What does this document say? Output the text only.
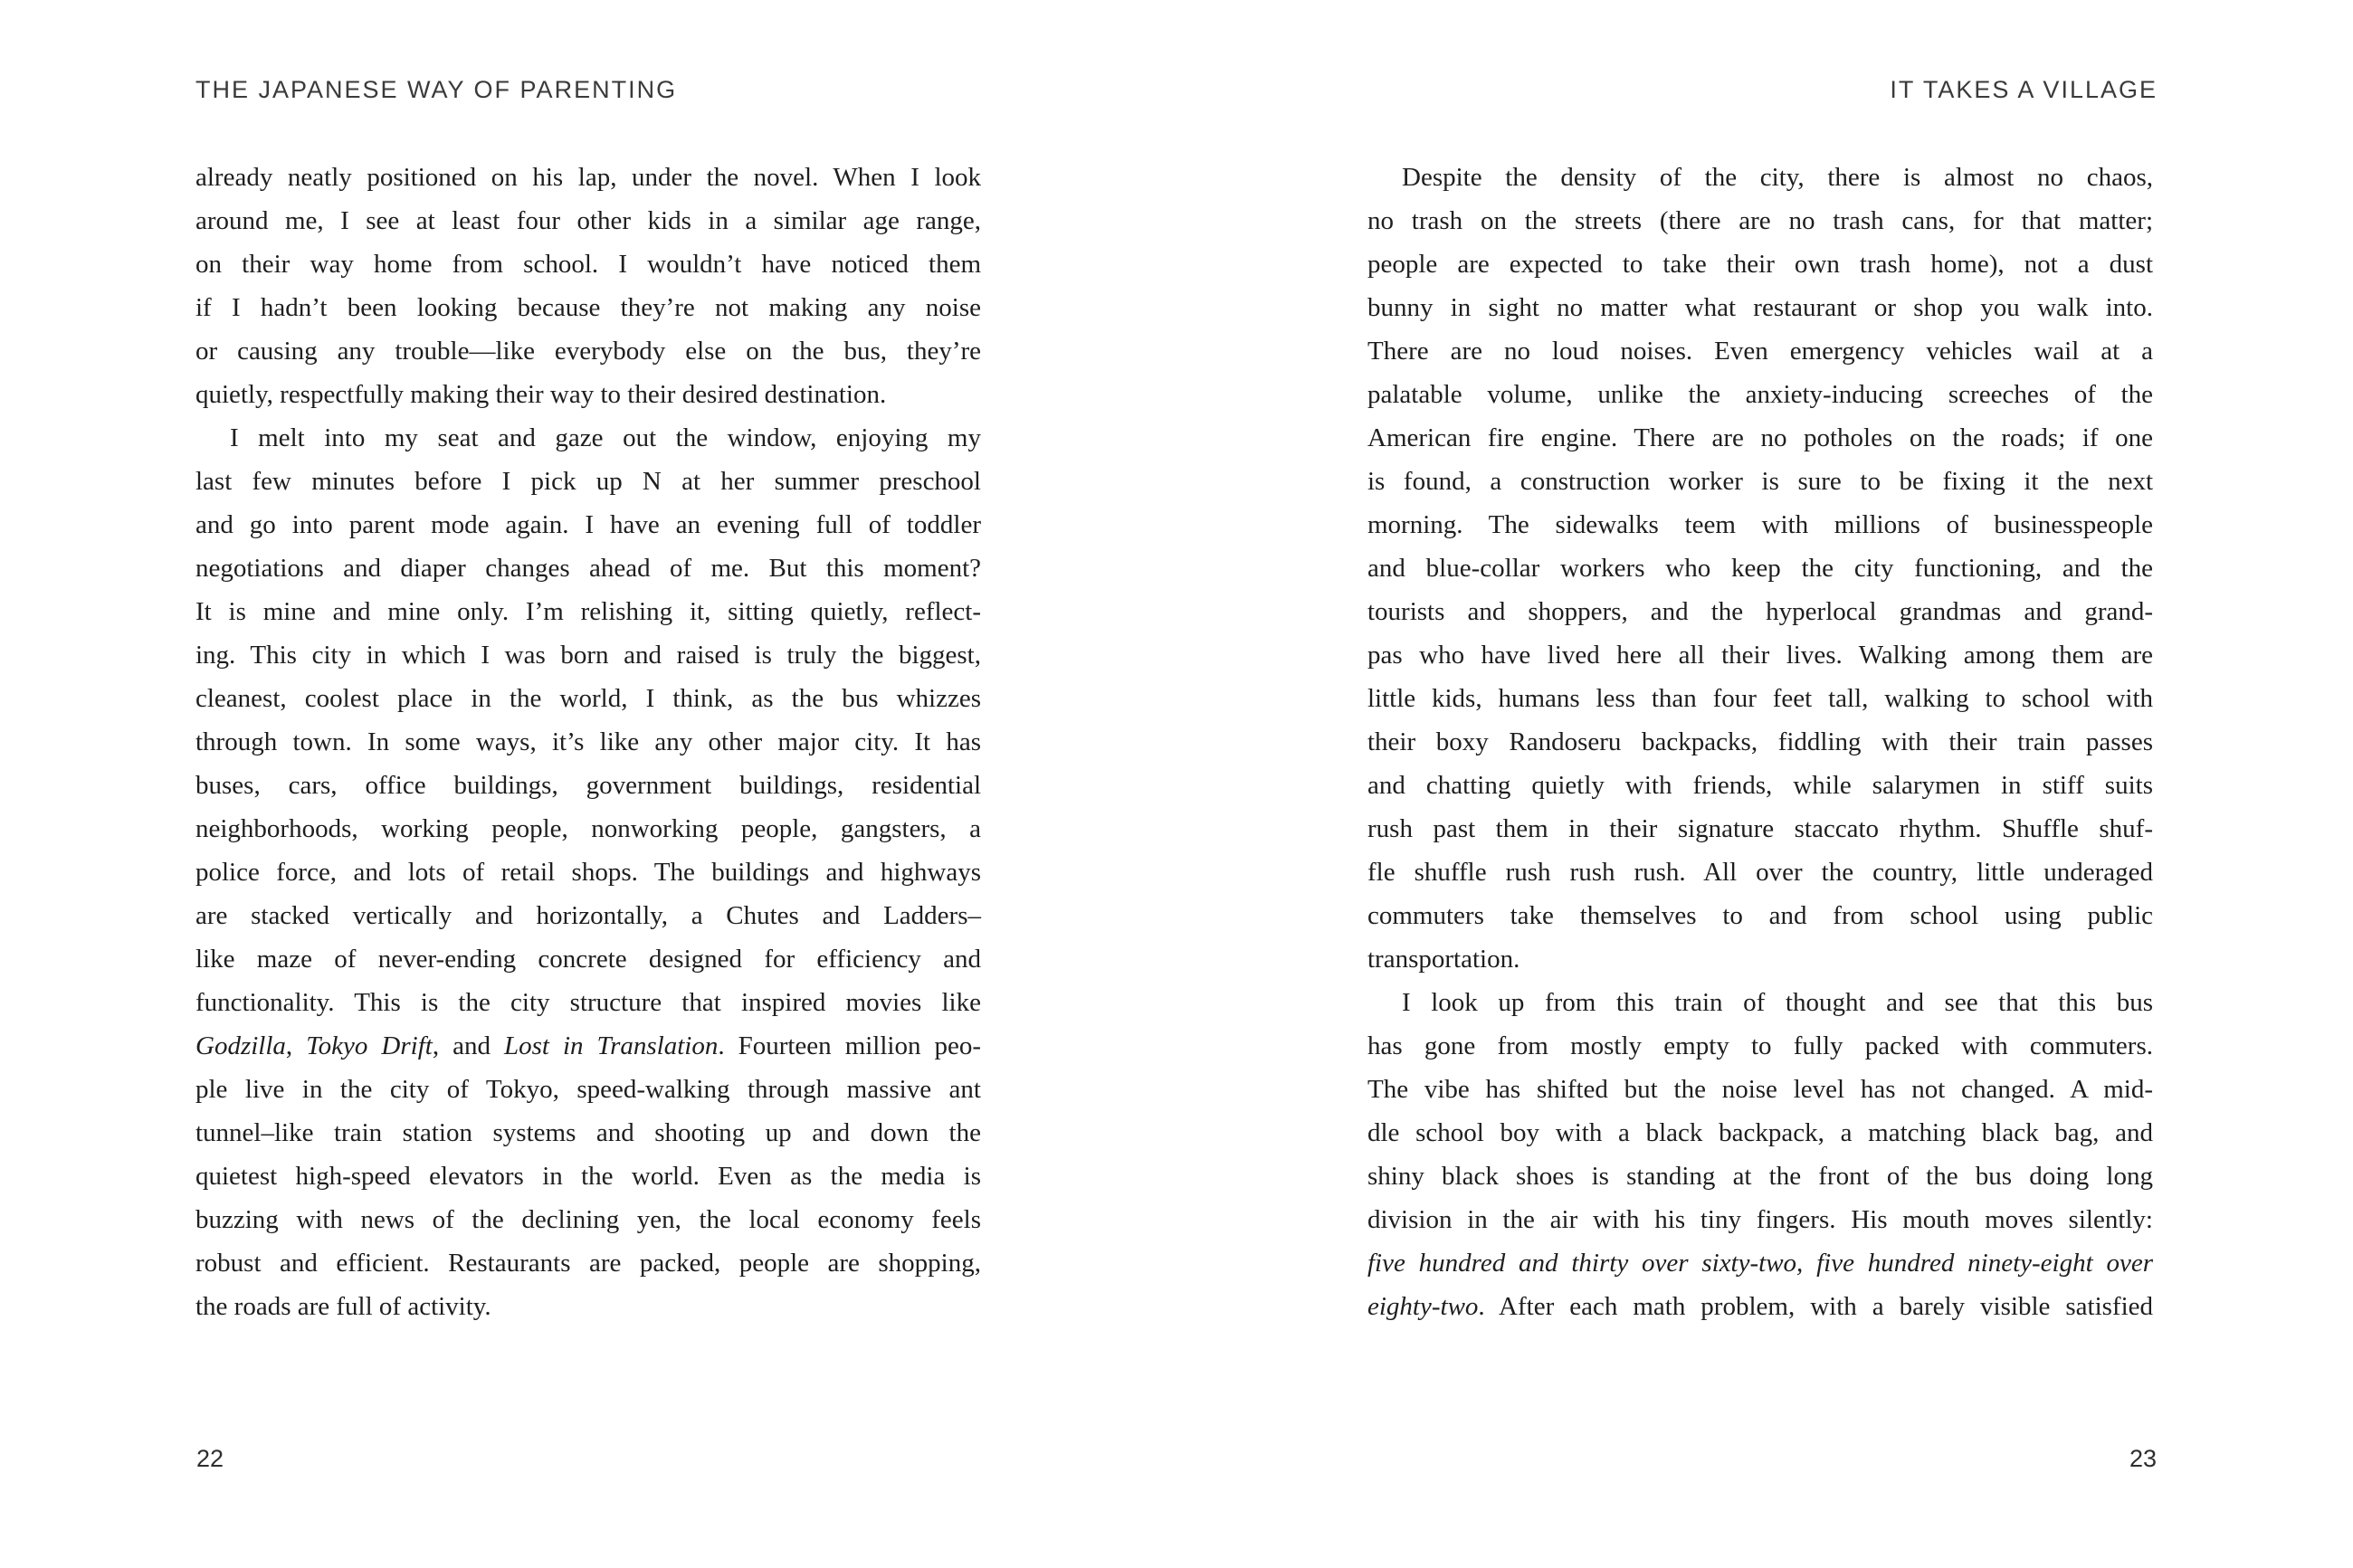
THE JAPANESE WAY OF PARENTING	IT TAKES A VILLAGE
already neatly positioned on his lap, under the novel. When I look
around me, I see at least four other kids in a similar age range,
on their way home from school. I wouldn’t have noticed them
if I hadn’t been looking because they’re not making any noise
or causing any trouble—like everybody else on the bus, they’re
quietly, respectfully making their way to their desired destination.
I melt into my seat and gaze out the window, enjoying my
last few minutes before I pick up N at her summer preschool
and go into parent mode again. I have an evening full of toddler
negotiations and diaper changes ahead of me. But this moment?
It is mine and mine only. I’m relishing it, sitting quietly, reflect-
ing. This city in which I was born and raised is truly the biggest,
cleanest, coolest place in the world, I think, as the bus whizzes
through town. In some ways, it’s like any other major city. It has
buses, cars, office buildings, government buildings, residential
neighborhoods, working people, nonworking people, gangsters, a
police force, and lots of retail shops. The buildings and highways
are stacked vertically and horizontally, a Chutes and Ladders–
like maze of never-ending concrete designed for efficiency and
functionality. This is the city structure that inspired movies like
Godzilla, Tokyo Drift, and Lost in Translation. Fourteen million peo-
ple live in the city of Tokyo, speed-walking through massive ant
tunnel–like train station systems and shooting up and down the
quietest high-speed elevators in the world. Even as the media is
buzzing with news of the declining yen, the local economy feels
robust and efficient. Restaurants are packed, people are shopping,
the roads are full of activity.
Despite the density of the city, there is almost no chaos,
no trash on the streets (there are no trash cans, for that matter;
people are expected to take their own trash home), not a dust
bunny in sight no matter what restaurant or shop you walk into.
There are no loud noises. Even emergency vehicles wail at a
palatable volume, unlike the anxiety-inducing screeches of the
American fire engine. There are no potholes on the roads; if one
is found, a construction worker is sure to be fixing it the next
morning. The sidewalks teem with millions of businesspeople
and blue-collar workers who keep the city functioning, and the
tourists and shoppers, and the hyperlocal grandmas and grand-
pas who have lived here all their lives. Walking among them are
little kids, humans less than four feet tall, walking to school with
their boxy Randoseru backpacks, fiddling with their train passes
and chatting quietly with friends, while salarymen in stiff suits
rush past them in their signature staccato rhythm. Shuffle shuf-
fle shuffle rush rush rush. All over the country, little underaged
commuters take themselves to and from school using public
transportation.
I look up from this train of thought and see that this bus
has gone from mostly empty to fully packed with commuters.
The vibe has shifted but the noise level has not changed. A mid-
dle school boy with a black backpack, a matching black bag, and
shiny black shoes is standing at the front of the bus doing long
division in the air with his tiny fingers. His mouth moves silently:
five hundred and thirty over sixty-two, five hundred ninety-eight over
eighty-two. After each math problem, with a barely visible satisfied
22	23
